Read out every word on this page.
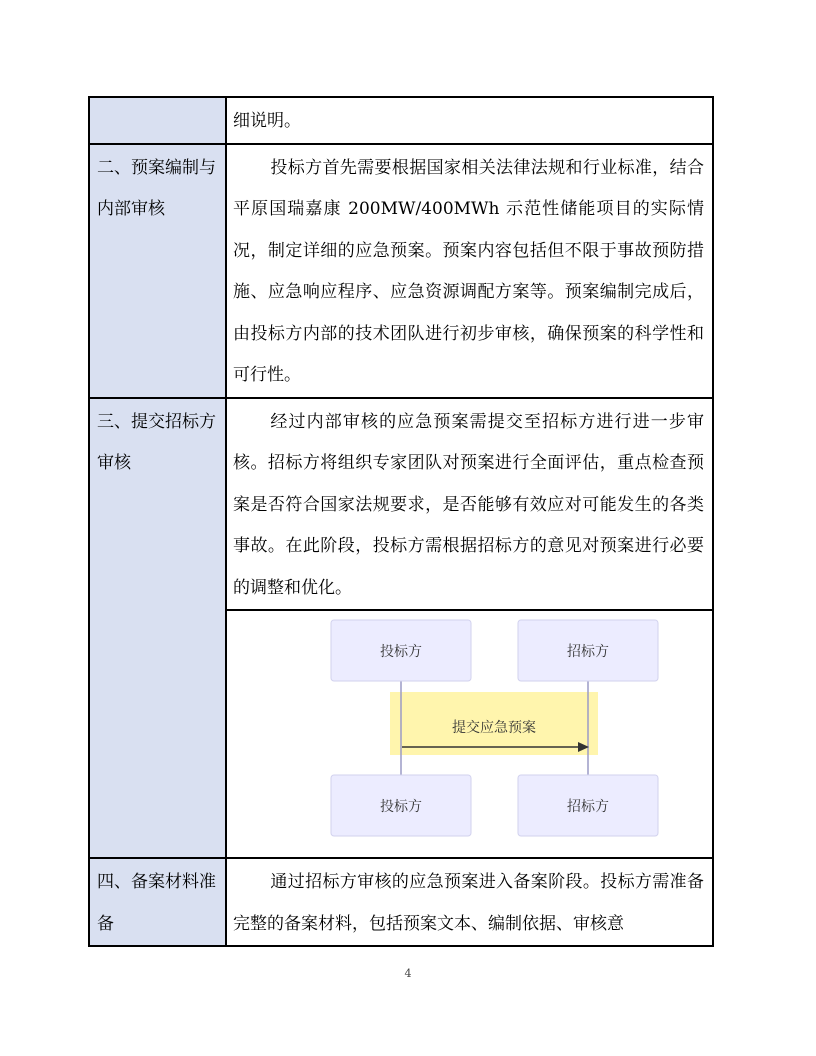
	细说明。

二、预案编制与内部审核	投标方首先需要根据国家相关法律法规和行业标准，结合平原国瑞嘉康 200MW/400MWh 示范性储能项目的实际情况，制定详细的应急预案。预案内容包括但不限于事故预防措施、应急响应程序、应急资源调配方案等。预案编制完成后，由投标方内部的技术团队进行初步审核，确保预案的科学性和可行性。

三、提交招标方审核	经过内部审核的应急预案需提交至招标方进行进一步审核。招标方将组织专家团队对预案进行全面评估，重点检查预案是否符合国家法规要求，是否能够有效应对可能发生的各类事故。在此阶段，投标方需根据招标方的意见对预案进行必要的调整和优化。

投标方 招标方
投标方 招标方
提交应急预案

四、备案材料准备	通过招标方审核的应急预案进入备案阶段。投标方需准备完整的备案材料，包括预案文本、编制依据、审核意

4
